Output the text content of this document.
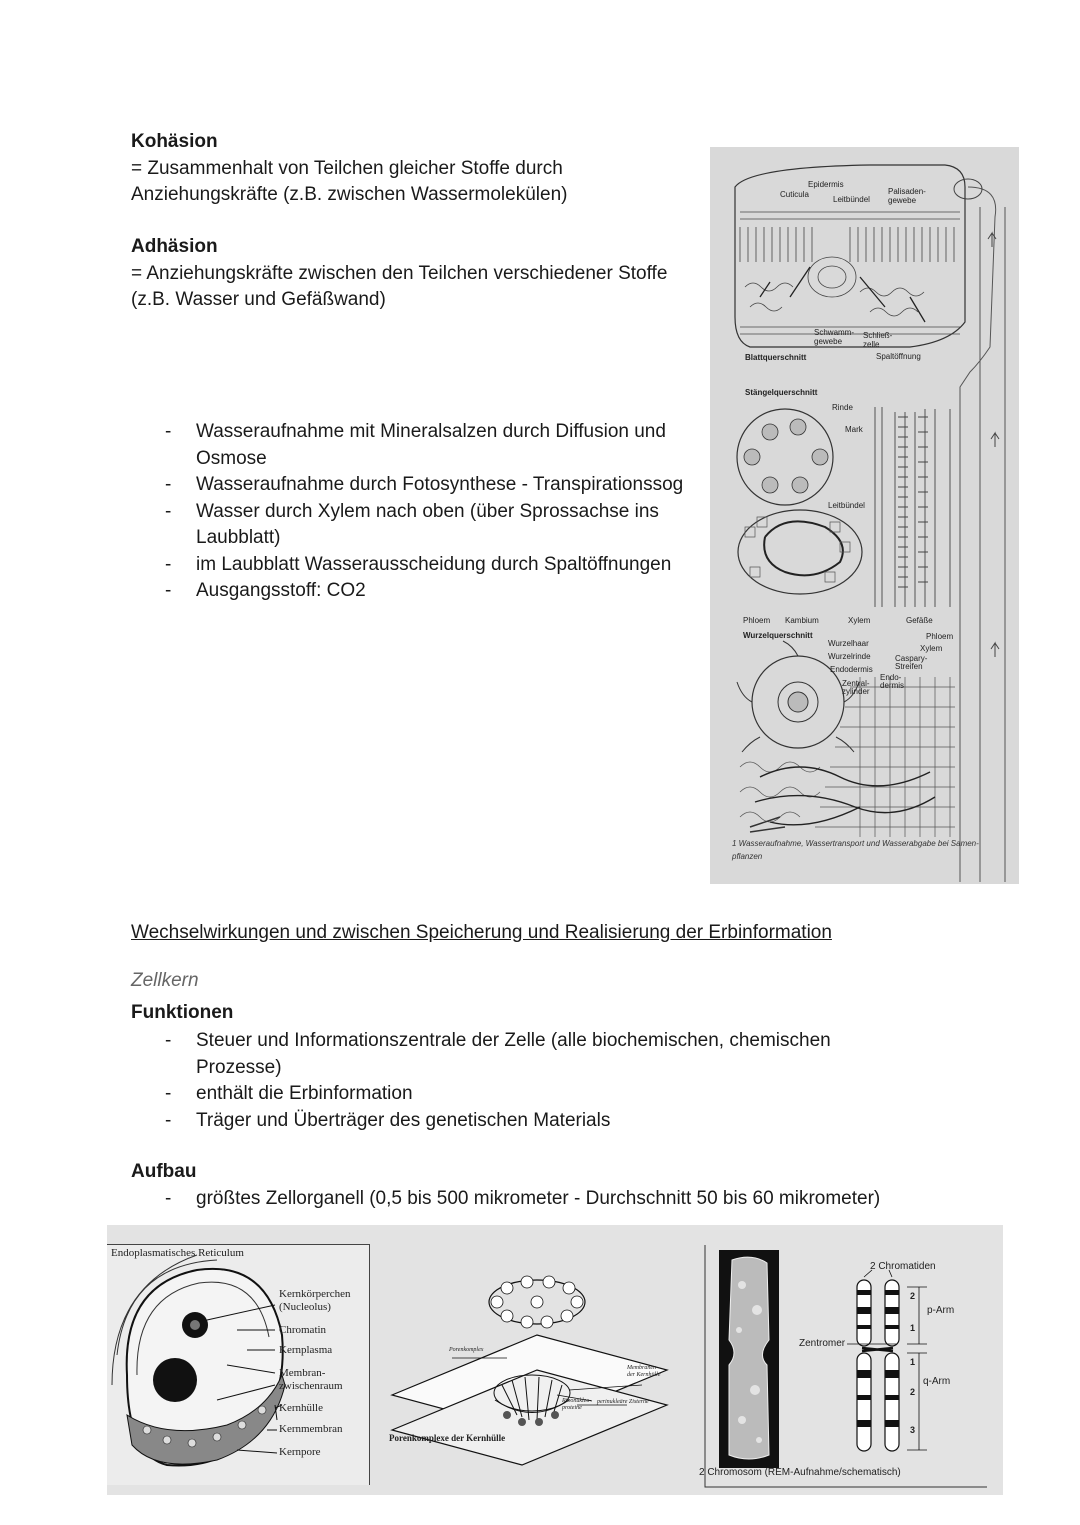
Kohäsion
= Zusammenhalt von Teilchen gleicher Stoffe durch
Anziehungskräfte (z.B. zwischen Wassermolekülen)
Adhäsion
= Anziehungskräfte zwischen den Teilchen verschiedener Stoffe
(z.B. Wasser und Gefäßwand)
- Wasseraufnahme mit Mineralsalzen durch Diffusion und Osmose
- Wasseraufnahme durch Fotosynthese - Transpirationssog
- Wasser durch Xylem nach oben (über Sprossachse ins Laubblatt)
- im Laubblatt Wasserausscheidung durch Spaltöffnungen
- Ausgangsstoff: CO2
Epidermis
Cuticula
Leitbündel
Palisaden-
gewebe
Schwamm-
gewebe
Schließ-
zelle
Blattquerschnitt	Spaltöffnung
Stängelquerschnitt
Rinde
Mark
Leitbündel
Phloem Kambium	Xylem	Gefäße
Wurzelquerschnitt
Wurzelhaar
Wurzelrinde
Endodermis
Zentral-
zylinder
Phloem
Xylem
Caspary-
Streifen
Endo-
dermis
1 Wasseraufnahme, Wassertransport und Wasserabgabe bei Samen-
pflanzen
Wechselwirkungen und zwischen Speicherung und Realisierung der Erbinformation
Zellkern
Funktionen
- Steuer und Informationszentrale der Zelle (alle biochemischen, chemischen Prozesse)
- enthält die Erbinformation
- Träger und Überträger des genetischen Materials
Aufbau
- größtes Zellorganell (0,5 bis 500 mikrometer - Durchschnitt 50 bis 60 mikrometer)
Endoplasmatisches Reticulum
Kernkörperchen
(Nucleolus)
Chromatin
Kernplasma
Membran-
zwischenraum
Kernhülle
Kernmembran
Kernpore
Porenkomplex
Membranen
der Kernhülle
Ribonukleo-
proteine
perinukleäre Zisterne
Porenkomplexe der Kernhülle
2 Chromatiden
Zentromer
p-Arm
q-Arm
2
1
1
2
3
2 Chromosom (REM-Aufnahme/schematisch)
